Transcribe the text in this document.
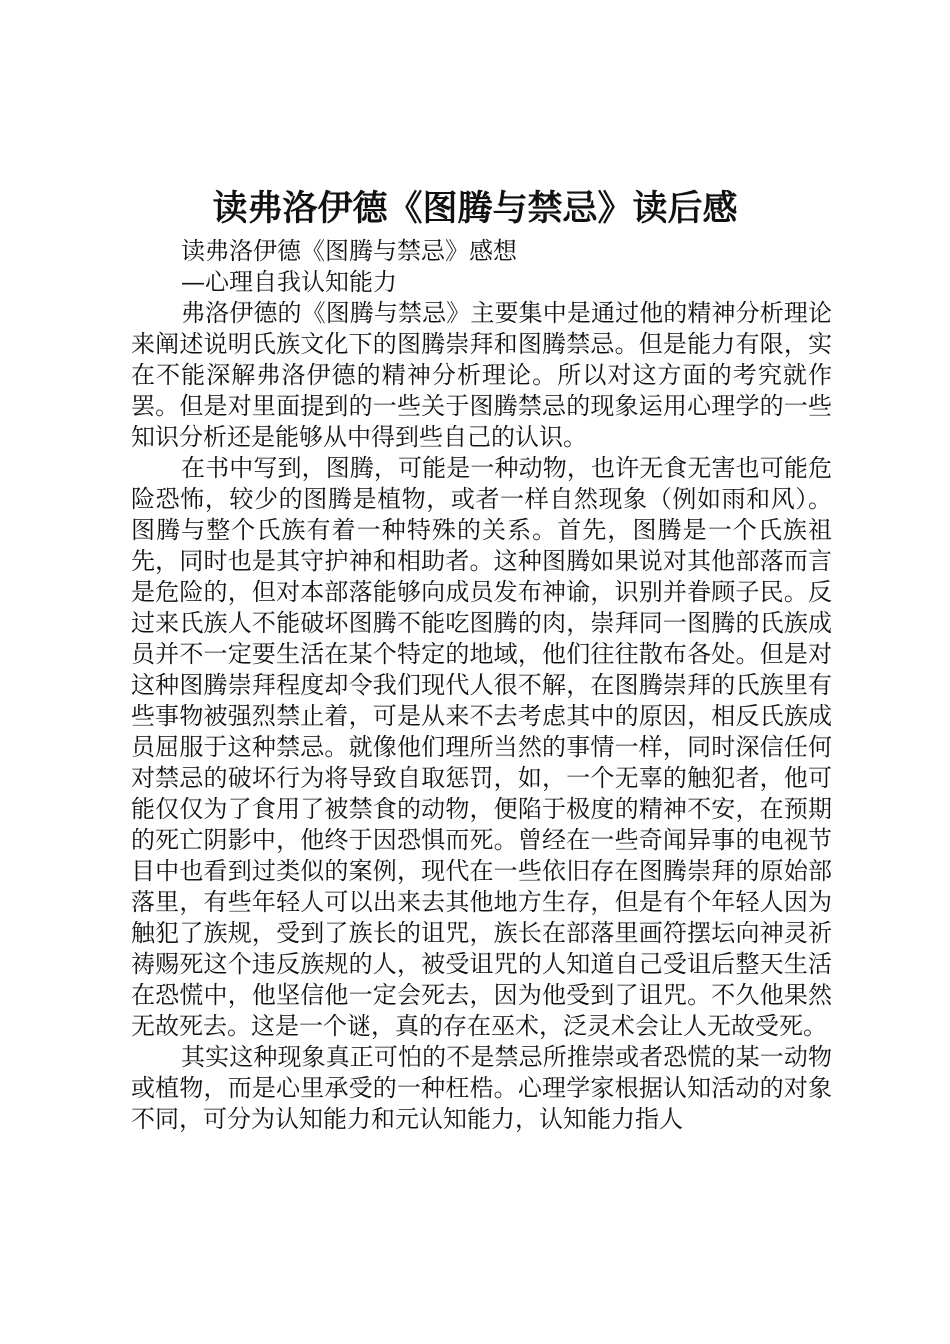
读弗洛伊德《图腾与禁忌》读后感

读弗洛伊德《图腾与禁忌》感想

—心理自我认知能力

弗洛伊德的《图腾与禁忌》主要集中是通过他的精神分析理论来阐述说明氏族文化下的图腾崇拜和图腾禁忌。但是能力有限，实在不能深解弗洛伊德的精神分析理论。所以对这方面的考究就作罢。但是对里面提到的一些关于图腾禁忌的现象运用心理学的一些知识分析还是能够从中得到些自己的认识。

在书中写到，图腾，可能是一种动物，也许无食无害也可能危险恐怖，较少的图腾是植物，或者一样自然现象（例如雨和风）。图腾与整个氏族有着一种特殊的关系。首先，图腾是一个氏族祖先，同时也是其守护神和相助者。这种图腾如果说对其他部落而言是危险的，但对本部落能够向成员发布神谕，识别并眷顾子民。反过来氏族人不能破坏图腾不能吃图腾的肉，崇拜同一图腾的氏族成员并不一定要生活在某个特定的地域，他们往往散布各处。但是对这种图腾崇拜程度却令我们现代人很不解，在图腾崇拜的氏族里有些事物被强烈禁止着，可是从来不去考虑其中的原因，相反氏族成员屈服于这种禁忌。就像他们理所当然的事情一样，同时深信任何对禁忌的破坏行为将导致自取惩罚，如，一个无辜的触犯者，他可能仅仅为了食用了被禁食的动物，便陷于极度的精神不安，在预期的死亡阴影中，他终于因恐惧而死。曾经在一些奇闻异事的电视节目中也看到过类似的案例，现代在一些依旧存在图腾崇拜的原始部落里，有些年轻人可以出来去其他地方生存，但是有个年轻人因为触犯了族规，受到了族长的诅咒，族长在部落里画符摆坛向神灵祈祷赐死这个违反族规的人，被受诅咒的人知道自己受诅后整天生活在恐慌中，他坚信他一定会死去，因为他受到了诅咒。不久他果然无故死去。这是一个谜，真的存在巫术，泛灵术会让人无故受死。

其实这种现象真正可怕的不是禁忌所推崇或者恐慌的某一动物或植物，而是心里承受的一种枉梏。心理学家根据认知活动的对象不同，可分为认知能力和元认知能力，认知能力指人
